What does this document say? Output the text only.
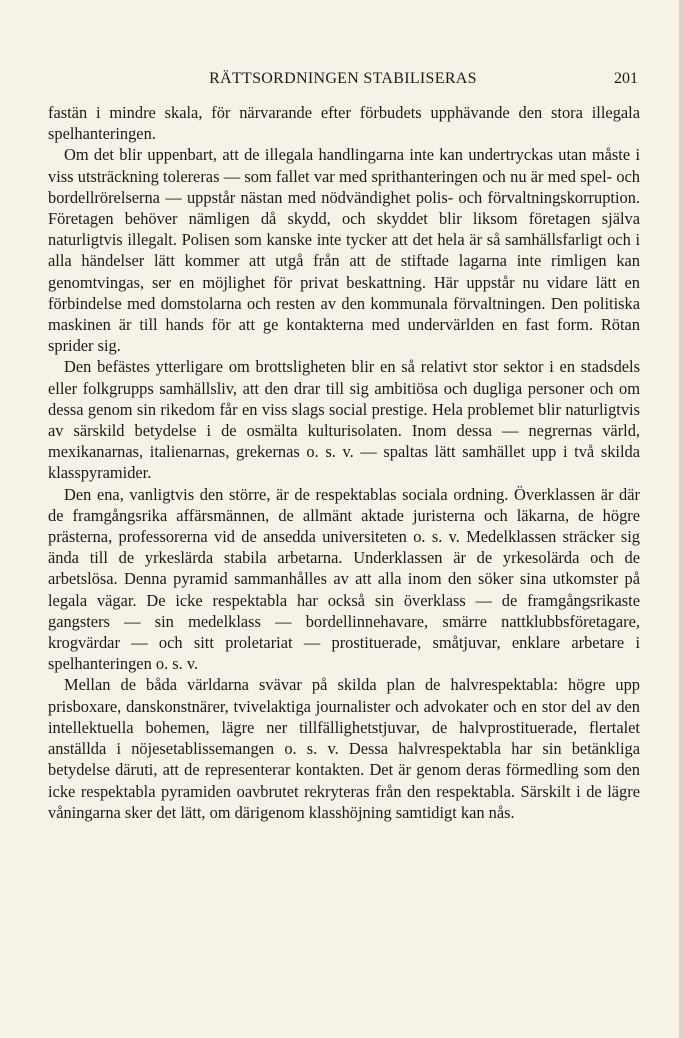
RÄTTSORDNINGEN STABILISERAS	201

fastän i mindre skala, för närvarande efter förbudets upphävande den stora illegala spelhanteringen.

Om det blir uppenbart, att de illegala handlingarna inte kan undertryckas utan måste i viss utsträckning tolereras — som fallet var med sprithanteringen och nu är med spel- och bordellrörelserna — uppstår nästan med nödvändighet polis- och förvaltningskorruption. Företagen behöver nämligen då skydd, och skyddet blir liksom företagen själva naturligtvis illegalt. Polisen som kanske inte tycker att det hela är så samhällsfarligt och i alla händelser lätt kommer att utgå från att de stiftade lagarna inte rimligen kan genomtvingas, ser en möjlighet för privat beskattning. Här uppstår nu vidare lätt en förbindelse med domstolarna och resten av den kommunala förvaltningen. Den politiska maskinen är till hands för att ge kontakterna med undervärlden en fast form. Rötan sprider sig.

Den befästes ytterligare om brottsligheten blir en så relativt stor sektor i en stadsdels eller folkgrupps samhällsliv, att den drar till sig ambitiösa och dugliga personer och om dessa genom sin rikedom får en viss slags social prestige. Hela problemet blir naturligtvis av särskild betydelse i de osmälta kulturisolaten. Inom dessa — negrernas värld, mexikanarnas, italienarnas, grekernas o. s. v. — spaltas lätt samhället upp i två skilda klasspyramider.

Den ena, vanligtvis den större, är de respektablas sociala ordning. Överklassen är där de framgångsrika affärsmännen, de allmänt aktade juristerna och läkarna, de högre prästerna, professorerna vid de ansedda universiteten o. s. v. Medelklassen sträcker sig ända till de yrkeslärda stabila arbetarna. Underklassen är de yrkesolärda och de arbetslösa. Denna pyramid sammanhålles av att alla inom den söker sina utkomster på legala vägar. De icke respektabla har också sin överklass — de framgångsrikaste gangsters — sin medelklass — bordellinnehavare, smärre nattklubbsföretagare, krogvärdar — och sitt proletariat — prostituerade, småtjuvar, enklare arbetare i spelhanteringen o. s. v.

Mellan de båda världarna svävar på skilda plan de halvrespektabla: högre upp prisboxare, danskonstnärer, tvivelaktiga journalister och advokater och en stor del av den intellektuella bohemen, lägre ner tillfällighetstjuvar, de halvprostituerade, flertalet anställda i nöjesetablissemangen o. s. v. Dessa halvrespektabla har sin betänkliga betydelse däruti, att de representerar kontakten. Det är genom deras förmedling som den icke respektabla pyramiden oavbrutet rekryteras från den respektabla. Särskilt i de lägre våningarna sker det lätt, om därigenom klasshöjning samtidigt kan nås.
